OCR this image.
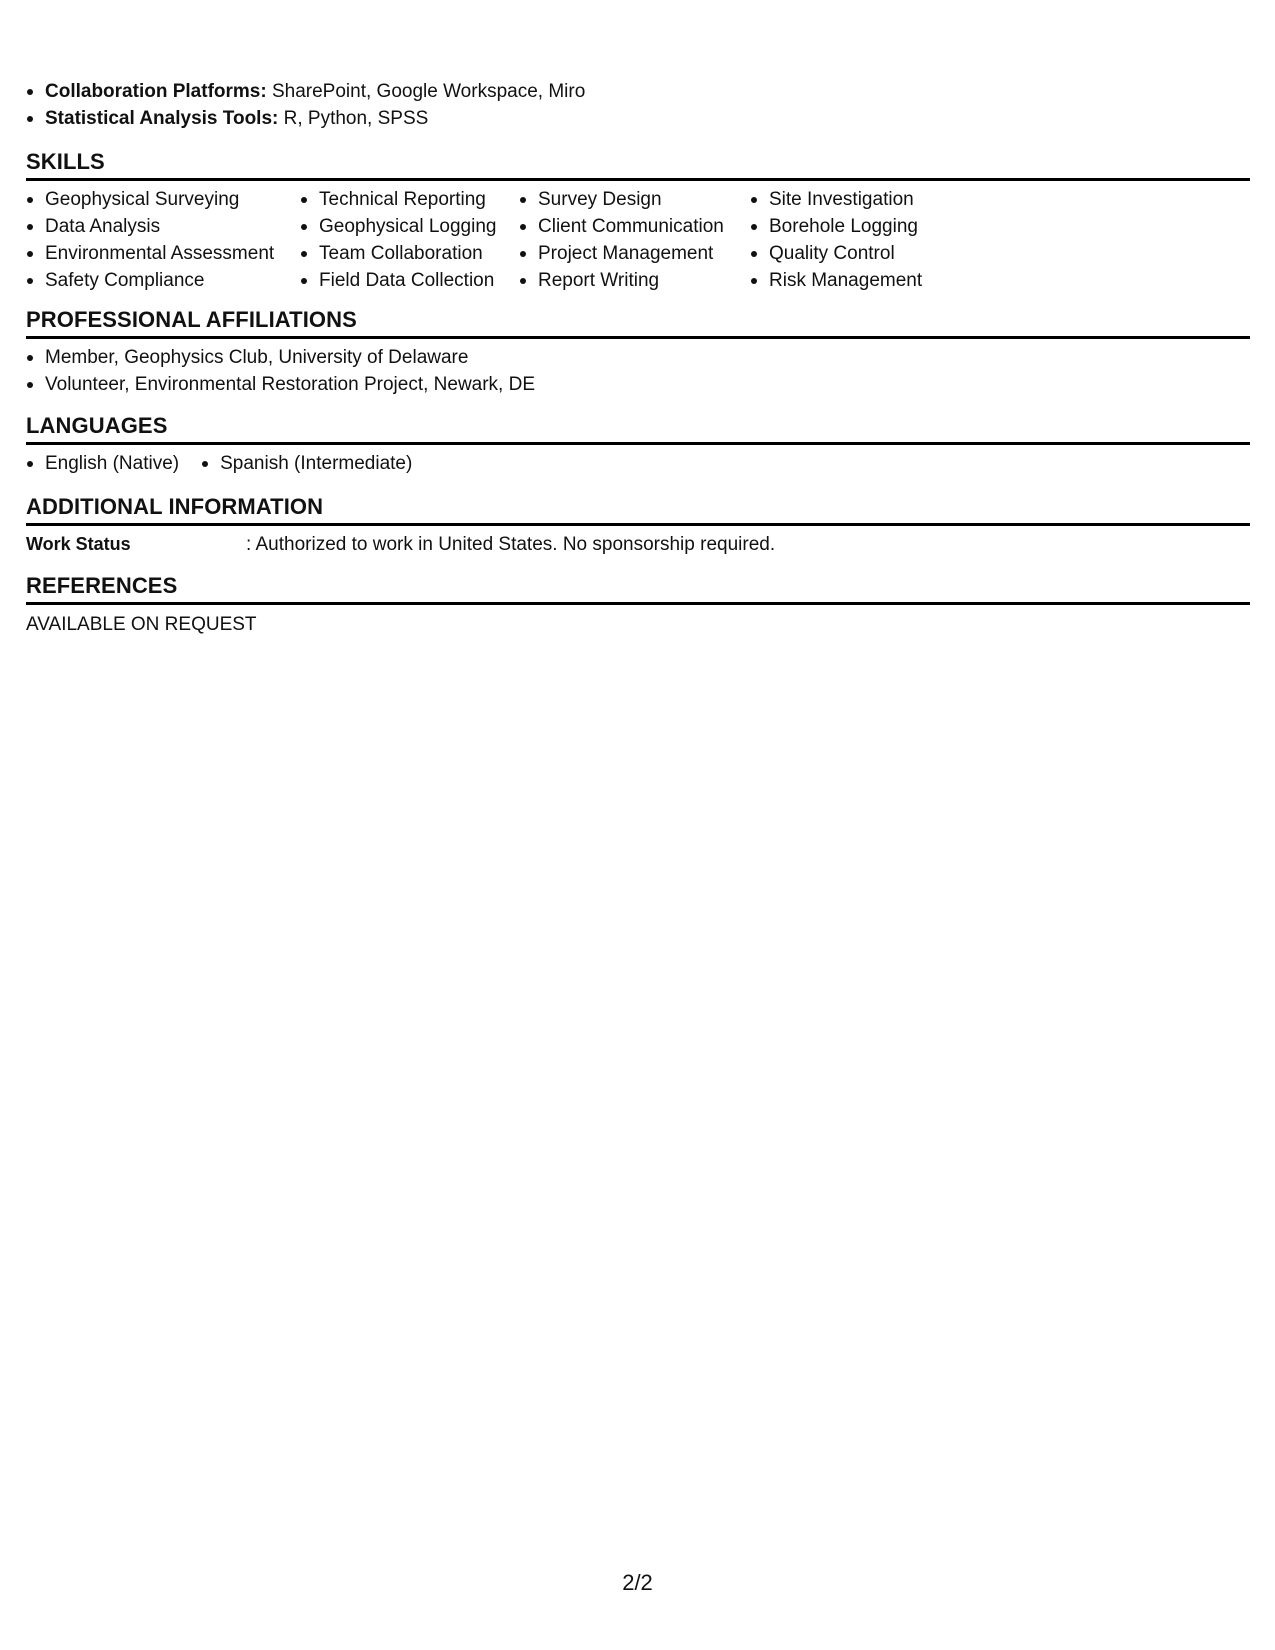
Collaboration Platforms: SharePoint, Google Workspace, Miro
Statistical Analysis Tools: R, Python, SPSS
SKILLS
Geophysical Surveying
Data Analysis
Environmental Assessment
Safety Compliance
Technical Reporting
Geophysical Logging
Team Collaboration
Field Data Collection
Survey Design
Client Communication
Project Management
Report Writing
Site Investigation
Borehole Logging
Quality Control
Risk Management
PROFESSIONAL AFFILIATIONS
Member, Geophysics Club, University of Delaware
Volunteer, Environmental Restoration Project, Newark, DE
LANGUAGES
English (Native)	Spanish (Intermediate)
ADDITIONAL INFORMATION
Work Status	: Authorized to work in United States. No sponsorship required.
REFERENCES
AVAILABLE ON REQUEST
2/2
